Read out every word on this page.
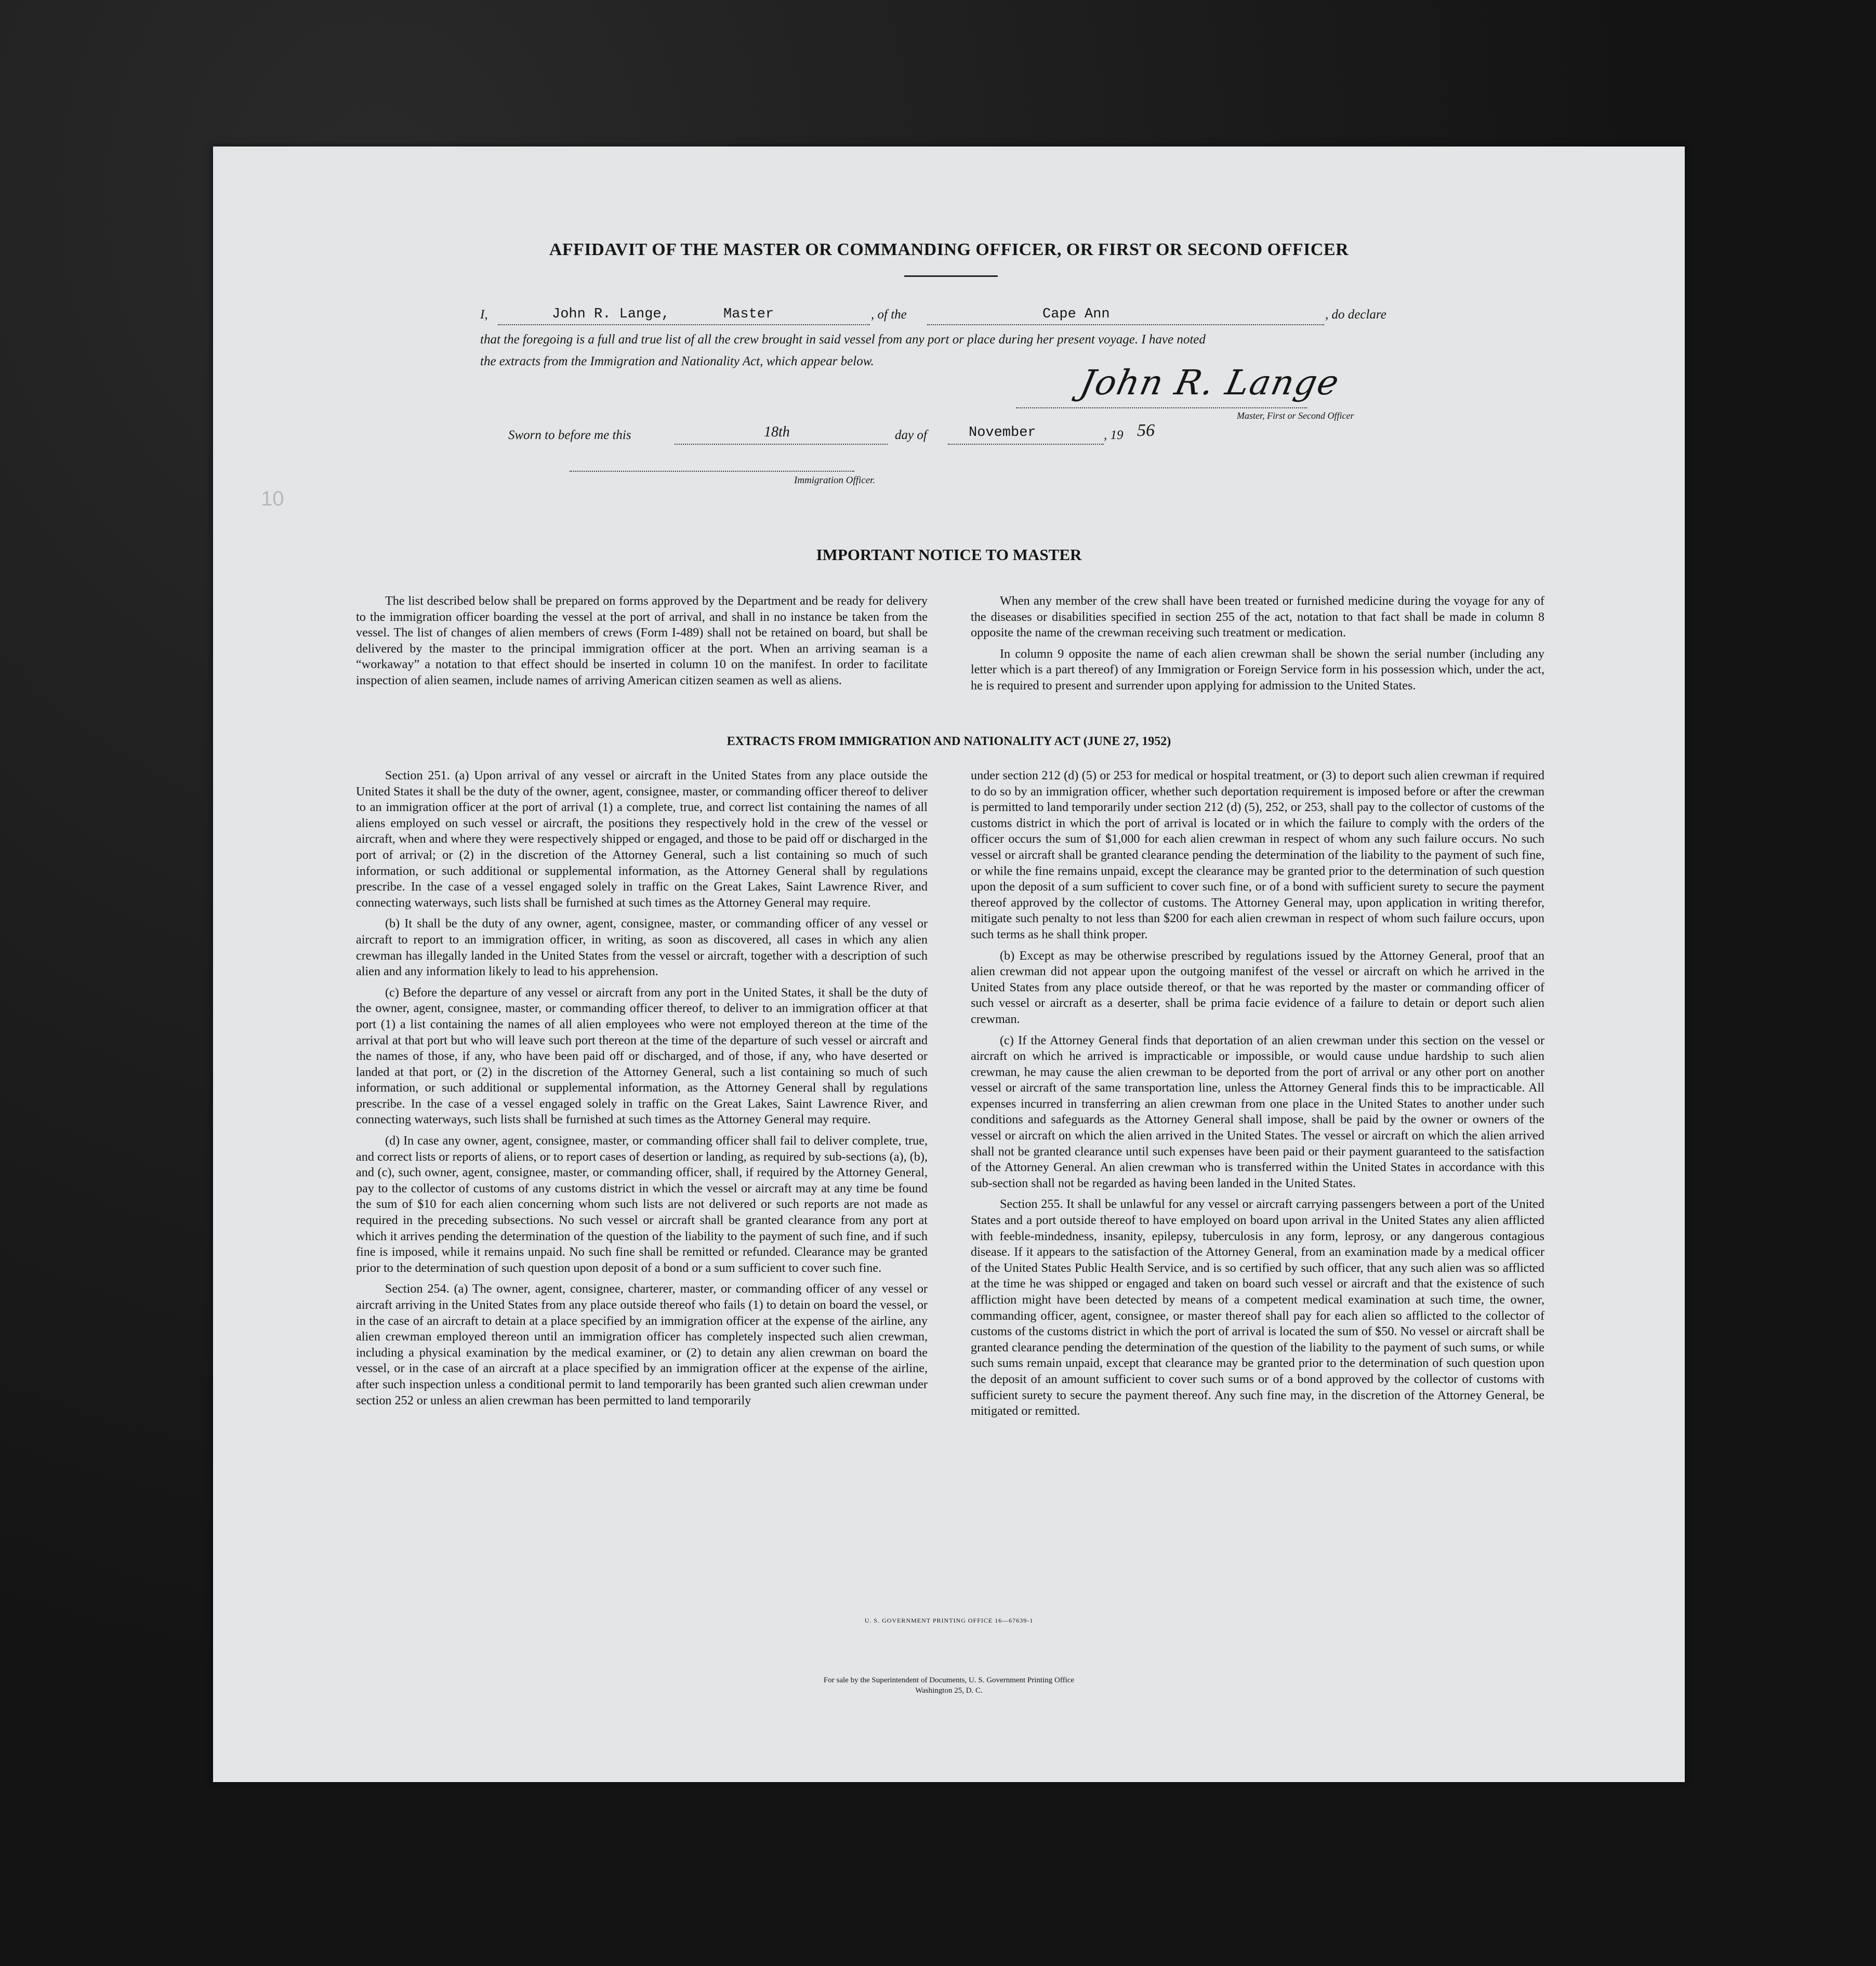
AFFIDAVIT OF THE MASTER OR COMMANDING OFFICER, OR FIRST OR SECOND OFFICER
I,	John R. Lange,	Master	, of the	Cape Ann	, do declare
that the foregoing is a full and true list of all the crew brought in said vessel from any port or place during her present voyage. I have noted
the extracts from the Immigration and Nationality Act, which appear below.
John R. Lange
Master, First or Second Officer
Sworn to before me this	18th	day of	November	, 19 56
Immigration Officer.
10
IMPORTANT NOTICE TO MASTER

The list described below shall be prepared on forms approved by the Department and be ready for delivery to the immigration officer boarding the vessel at the port of arrival, and shall in no instance be taken from the vessel. The list of changes of alien members of crews (Form I-489) shall not be retained on board, but shall be delivered by the master to the principal immigration officer at the port. When an arriving seaman is a “workaway” a notation to that effect should be inserted in column 10 on the manifest. In order to facilitate inspection of alien seamen, include names of arriving American citizen seamen as well as aliens.

When any member of the crew shall have been treated or furnished medicine during the voyage for any of the diseases or disabilities specified in section 255 of the act, notation to that fact shall be made in column 8 opposite the name of the crewman receiving such treatment or medication.

In column 9 opposite the name of each alien crewman shall be shown the serial number (including any letter which is a part thereof) of any Immigration or Foreign Service form in his possession which, under the act, he is required to present and surrender upon applying for admission to the United States.

EXTRACTS FROM IMMIGRATION AND NATIONALITY ACT (JUNE 27, 1952)

Section 251. (a) Upon arrival of any vessel or aircraft in the United States from any place outside the United States it shall be the duty of the owner, agent, consignee, master, or commanding officer thereof to deliver to an immigration officer at the port of arrival (1) a complete, true, and correct list containing the names of all aliens employed on such vessel or aircraft, the positions they respectively hold in the crew of the vessel or aircraft, when and where they were respectively shipped or engaged, and those to be paid off or discharged in the port of arrival; or (2) in the discretion of the Attorney General, such a list containing so much of such information, or such additional or supplemental information, as the Attorney General shall by regulations prescribe. In the case of a vessel engaged solely in traffic on the Great Lakes, Saint Lawrence River, and connecting waterways, such lists shall be furnished at such times as the Attorney General may require.

(b) It shall be the duty of any owner, agent, consignee, master, or commanding officer of any vessel or aircraft to report to an immigration officer, in writing, as soon as discovered, all cases in which any alien crewman has illegally landed in the United States from the vessel or aircraft, together with a description of such alien and any information likely to lead to his apprehension.

(c) Before the departure of any vessel or aircraft from any port in the United States, it shall be the duty of the owner, agent, consignee, master, or commanding officer thereof, to deliver to an immigration officer at that port (1) a list containing the names of all alien employees who were not employed thereon at the time of the arrival at that port but who will leave such port thereon at the time of the departure of such vessel or aircraft and the names of those, if any, who have been paid off or discharged, and of those, if any, who have deserted or landed at that port, or (2) in the discretion of the Attorney General, such a list containing so much of such information, or such additional or supplemental information, as the Attorney General shall by regulations prescribe. In the case of a vessel engaged solely in traffic on the Great Lakes, Saint Lawrence River, and connecting waterways, such lists shall be furnished at such times as the Attorney General may require.

(d) In case any owner, agent, consignee, master, or commanding officer shall fail to deliver complete, true, and correct lists or reports of aliens, or to report cases of desertion or landing, as required by sub-sections (a), (b), and (c), such owner, agent, consignee, master, or commanding officer, shall, if required by the Attorney General, pay to the collector of customs of any customs district in which the vessel or aircraft may at any time be found the sum of $10 for each alien concerning whom such lists are not delivered or such reports are not made as required in the preceding subsections. No such vessel or aircraft shall be granted clearance from any port at which it arrives pending the determination of the question of the liability to the payment of such fine, and if such fine is imposed, while it remains unpaid. No such fine shall be remitted or refunded. Clearance may be granted prior to the determination of such question upon deposit of a bond or a sum sufficient to cover such fine.

Section 254. (a) The owner, agent, consignee, charterer, master, or commanding officer of any vessel or aircraft arriving in the United States from any place outside thereof who fails (1) to detain on board the vessel, or in the case of an aircraft to detain at a place specified by an immigration officer at the expense of the airline, any alien crewman employed thereon until an immigration officer has completely inspected such alien crewman, including a physical examination by the medical examiner, or (2) to detain any alien crewman on board the vessel, or in the case of an aircraft at a place specified by an immigration officer at the expense of the airline, after such inspection unless a conditional permit to land temporarily has been granted such alien crewman under section 252 or unless an alien crewman has been permitted to land temporarily

under section 212 (d) (5) or 253 for medical or hospital treatment, or (3) to deport such alien crewman if required to do so by an immigration officer, whether such deportation requirement is imposed before or after the crewman is permitted to land temporarily under section 212 (d) (5), 252, or 253, shall pay to the collector of customs of the customs district in which the port of arrival is located or in which the failure to comply with the orders of the officer occurs the sum of $1,000 for each alien crewman in respect of whom any such failure occurs. No such vessel or aircraft shall be granted clearance pending the determination of the liability to the payment of such fine, or while the fine remains unpaid, except the clearance may be granted prior to the determination of such question upon the deposit of a sum sufficient to cover such fine, or of a bond with sufficient surety to secure the payment thereof approved by the collector of customs. The Attorney General may, upon application in writing therefor, mitigate such penalty to not less than $200 for each alien crewman in respect of whom such failure occurs, upon such terms as he shall think proper.

(b) Except as may be otherwise prescribed by regulations issued by the Attorney General, proof that an alien crewman did not appear upon the outgoing manifest of the vessel or aircraft on which he arrived in the United States from any place outside thereof, or that he was reported by the master or commanding officer of such vessel or aircraft as a deserter, shall be prima facie evidence of a failure to detain or deport such alien crewman.

(c) If the Attorney General finds that deportation of an alien crewman under this section on the vessel or aircraft on which he arrived is impracticable or impossible, or would cause undue hardship to such alien crewman, he may cause the alien crewman to be deported from the port of arrival or any other port on another vessel or aircraft of the same transportation line, unless the Attorney General finds this to be impracticable. All expenses incurred in transferring an alien crewman from one place in the United States to another under such conditions and safeguards as the Attorney General shall impose, shall be paid by the owner or owners of the vessel or aircraft on which the alien arrived in the United States. The vessel or aircraft on which the alien arrived shall not be granted clearance until such expenses have been paid or their payment guaranteed to the satisfaction of the Attorney General. An alien crewman who is transferred within the United States in accordance with this sub-section shall not be regarded as having been landed in the United States.

Section 255. It shall be unlawful for any vessel or aircraft carrying passengers between a port of the United States and a port outside thereof to have employed on board upon arrival in the United States any alien afflicted with feeble-mindedness, insanity, epilepsy, tuberculosis in any form, leprosy, or any dangerous contagious disease. If it appears to the satisfaction of the Attorney General, from an examination made by a medical officer of the United States Public Health Service, and is so certified by such officer, that any such alien was so afflicted at the time he was shipped or engaged and taken on board such vessel or aircraft and that the existence of such affliction might have been detected by means of a competent medical examination at such time, the owner, commanding officer, agent, consignee, or master thereof shall pay for each alien so afflicted to the collector of customs of the customs district in which the port of arrival is located the sum of $50. No vessel or aircraft shall be granted clearance pending the determination of the question of the liability to the payment of such sums, or while such sums remain unpaid, except that clearance may be granted prior to the determination of such question upon the deposit of an amount sufficient to cover such sums or of a bond approved by the collector of customs with sufficient surety to secure the payment thereof. Any such fine may, in the discretion of the Attorney General, be mitigated or remitted.

U. S. GOVERNMENT PRINTING OFFICE 16—67639-1
For sale by the Superintendent of Documents, U. S. Government Printing Office
Washington 25, D. C.
